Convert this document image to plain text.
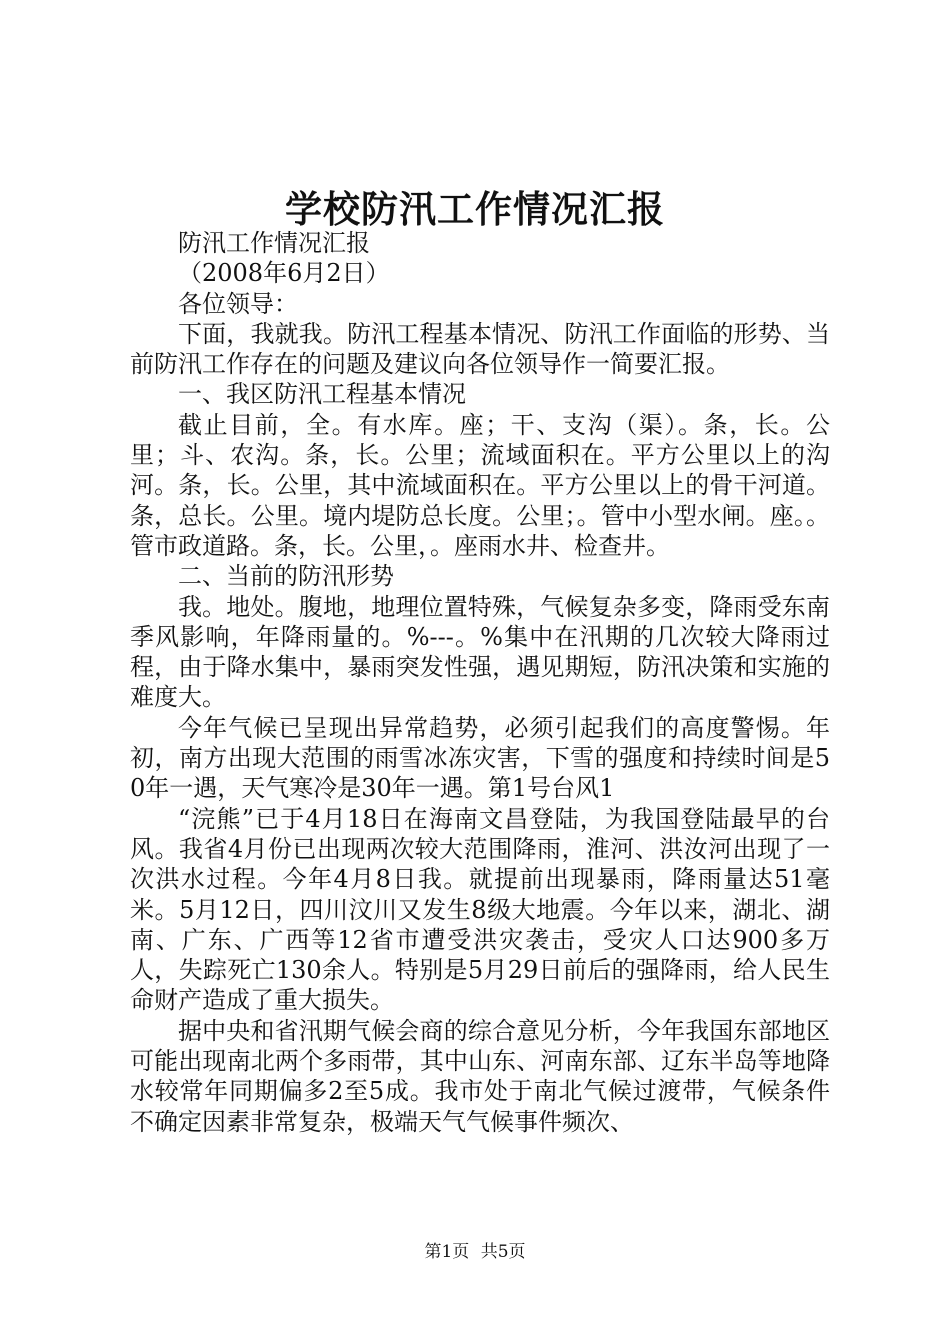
学校防汛工作情况汇报

防汛工作情况汇报

（2008年6月2日）

各位领导：

下面，我就我。防汛工程基本情况、防汛工作面临的形势、当前防汛工作存在的问题及建议向各位领导作一简要汇报。

一、我区防汛工程基本情况

截止目前，全。有水库。座；干、支沟（渠）。条，长。公里；斗、农沟。条，长。公里；流域面积在。平方公里以上的沟河。条，长。公里，其中流域面积在。平方公里以上的骨干河道。条，总长。公里。境内堤防总长度。公里；。管中小型水闸。座。。管市政道路。条，长。公里，。座雨水井、检查井。

二、当前的防汛形势

我。地处。腹地，地理位置特殊，气候复杂多变，降雨受东南季风影响，年降雨量的。%---。%集中在汛期的几次较大降雨过程，由于降水集中，暴雨突发性强，遇见期短，防汛决策和实施的难度大。

今年气候已呈现出异常趋势，必须引起我们的高度警惕。年初，南方出现大范围的雨雪冰冻灾害，下雪的强度和持续时间是50年一遇，天气寒冷是30年一遇。第1号台风1

“浣熊”已于4月18日在海南文昌登陆，为我国登陆最早的台风。我省4月份已出现两次较大范围降雨，淮河、洪汝河出现了一次洪水过程。今年4月8日我。就提前出现暴雨，降雨量达51毫米。5月12日，四川汶川又发生8级大地震。今年以来，湖北、湖南、广东、广西等12省市遭受洪灾袭击，受灾人口达900多万人，失踪死亡130余人。特别是5月29日前后的强降雨，给人民生命财产造成了重大损失。

据中央和省汛期气候会商的综合意见分析，今年我国东部地区可能出现南北两个多雨带，其中山东、河南东部、辽东半岛等地降水较常年同期偏多2至5成。我市处于南北气候过渡带，气候条件不确定因素非常复杂，极端天气气候事件频次、

第1页 共5页
